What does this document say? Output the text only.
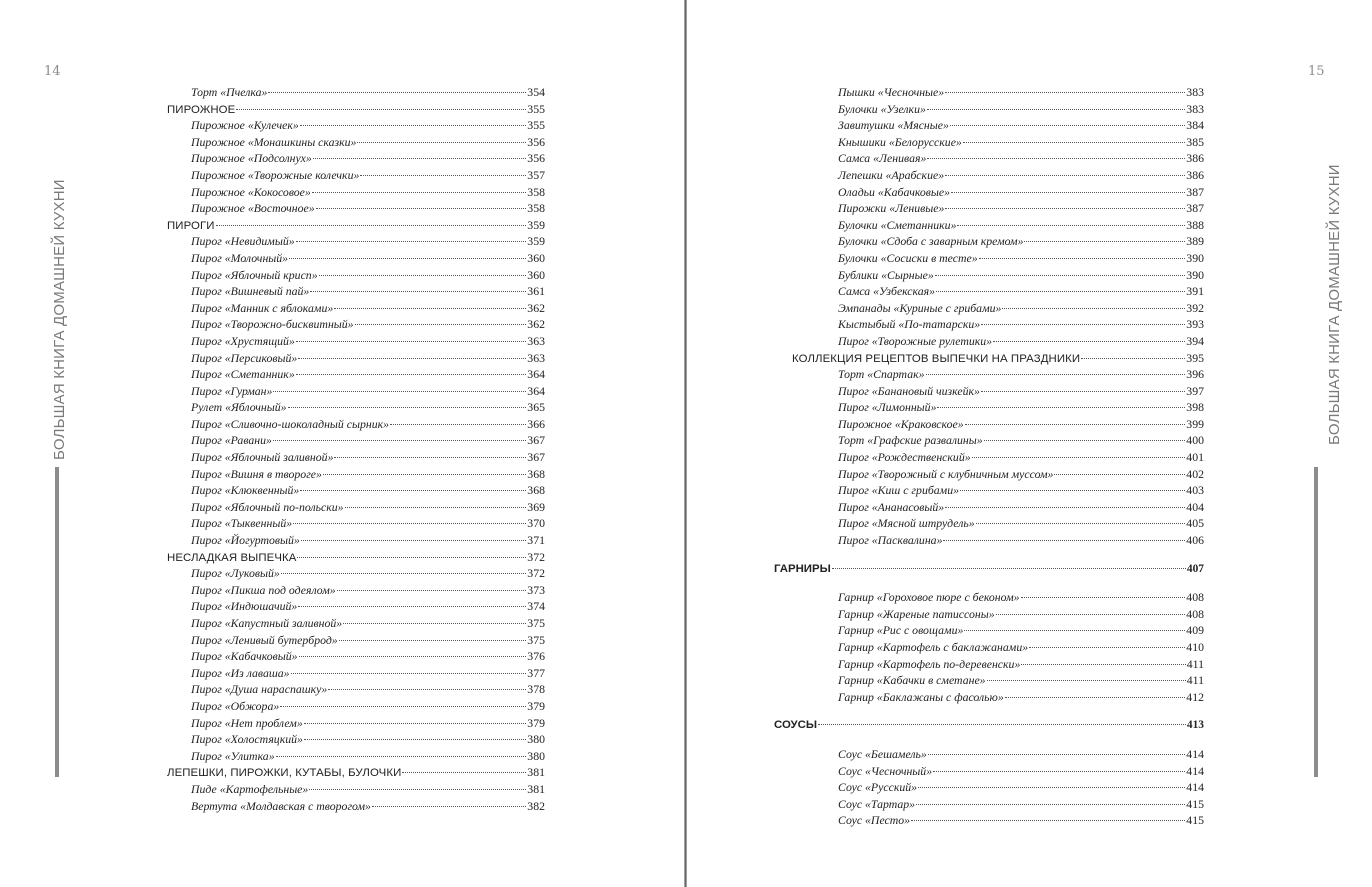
14
БОЛЬШАЯ КНИГА ДОМАШНЕЙ КУХНИ
Торт «Пчелка»	354
ПИРОЖНОЕ	355
Пирожное «Кулечек»	355
Пирожное «Монашкины сказки»	356
Пирожное «Подсолнух»	356
Пирожное «Творожные колечки»	357
Пирожное «Кокосовое»	358
Пирожное «Восточное»	358
ПИРОГИ	359
Пирог «Невидимый»	359
Пирог «Молочный»	360
Пирог «Яблочный крисп»	360
Пирог «Вишневый пай»	361
Пирог «Манник с яблоками»	362
Пирог «Творожно-бисквитный»	362
Пирог «Хрустящий»	363
Пирог «Персиковый»	363
Пирог «Сметанник»	364
Пирог «Гурман»	364
Рулет «Яблочный»	365
Пирог «Сливочно-шоколадный сырник»	366
Пирог «Равани»	367
Пирог «Яблочный заливной»	367
Пирог «Вишня в твороге»	368
Пирог «Клюквенный»	368
Пирог «Яблочный по-польски»	369
Пирог «Тыквенный»	370
Пирог «Йогуртовый»	371
НЕСЛАДКАЯ ВЫПЕЧКА	372
Пирог «Луковый»	372
Пирог «Пикша под одеялом»	373
Пирог «Индюшачий»	374
Пирог «Капустный заливной»	375
Пирог «Ленивый бутерброд»	375
Пирог «Кабачковый»	376
Пирог «Из лаваша»	377
Пирог «Душа нараспашку»	378
Пирог «Обжора»	379
Пирог «Нет проблем»	379
Пирог «Холостяцкий»	380
Пирог «Улитка»	380
ЛЕПЕШКИ, ПИРОЖКИ, КУТАБЫ, БУЛОЧКИ	381
Пиде «Картофельные»	381
Вертута «Молдавская с творогом»	382
15
БОЛЬШАЯ КНИГА ДОМАШНЕЙ КУХНИ
Пышки «Чесночные»	383
Булочки «Узелки»	383
Завитушки «Мясные»	384
Кнышики «Белорусские»	385
Самса «Ленивая»	386
Лепешки «Арабские»	386
Оладьи «Кабачковые»	387
Пирожки «Ленивые»	387
Булочки «Сметанники»	388
Булочки «Сдоба с заварным кремом»	389
Булочки «Сосиски в тесте»	390
Бублики «Сырные»	390
Самса «Узбекская»	391
Эмпанады «Куриные с грибами»	392
Кыстыбый «По-татарски»	393
Пирог «Творожные рулетики»	394
КОЛЛЕКЦИЯ РЕЦЕПТОВ ВЫПЕЧКИ НА ПРАЗДНИКИ	395
Торт «Спартак»	396
Пирог «Банановый чизкейк»	397
Пирог «Лимонный»	398
Пирожное «Краковское»	399
Торт «Графские развалины»	400
Пирог «Рождественский»	401
Пирог «Творожный с клубничным муссом»	402
Пирог «Киш с грибами»	403
Пирог «Ананасовый»	404
Пирог «Мясной штрудель»	405
Пирог «Пасквалина»	406
ГАРНИРЫ	407
Гарнир «Гороховое пюре с беконом»	408
Гарнир «Жареные патиссоны»	408
Гарнир «Рис с овощами»	409
Гарнир «Картофель с баклажанами»	410
Гарнир «Картофель по-деревенски»	411
Гарнир «Кабачки в сметане»	411
Гарнир «Баклажаны с фасолью»	412
СОУСЫ	413
Соус «Бешамель»	414
Соус «Чесночный»	414
Соус «Русский»	414
Соус «Тартар»	415
Соус «Песто»	415
